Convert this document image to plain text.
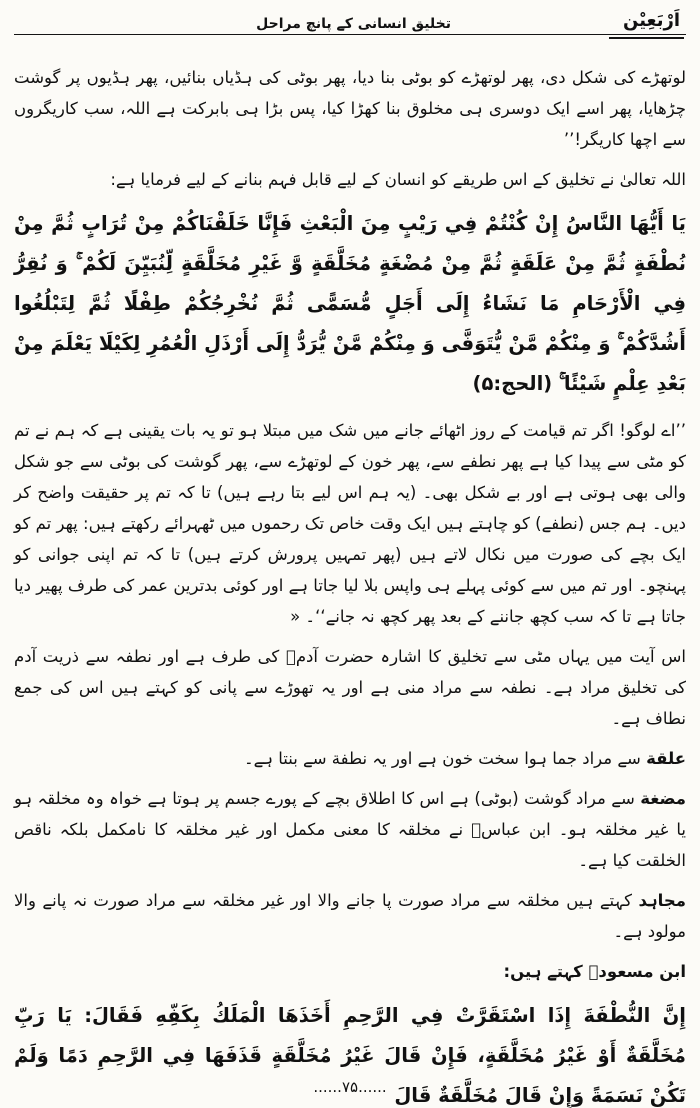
اَرْبَعِيْن
تخلیق انسانی کے پانچ مراحل

لوتھڑے کی شکل دی، پھر لوتھڑے کو بوٹی بنا دیا، پھر بوٹی کی ہڈیاں بنائیں، پھر ہڈیوں پر گوشت چڑھایا، پھر اسے ایک دوسری ہی مخلوق بنا کھڑا کیا، پس بڑا ہی بابرکت ہے اللہ، سب کاریگروں سے اچھا کاریگر!’’

اللہ تعالیٰ نے تخلیق کے اس طریقے کو انسان کے لیے قابل فہم بنانے کے لیے فرمایا ہے:

يَا أَيُّهَا النَّاسُ إِنْ كُنْتُمْ فِي رَيْبٍ مِنَ الْبَعْثِ فَإِنَّا خَلَقْنَاكُمْ مِنْ تُرَابٍ ثُمَّ مِنْ نُطْفَةٍ ثُمَّ مِنْ عَلَقَةٍ ثُمَّ مِنْ مُضْغَةٍ مُخَلَّقَةٍ وَّ غَيْرِ مُخَلَّقَةٍ لِّنُبَيِّنَ لَكُمْ ۚ وَ نُقِرُّ فِي الْأَرْحَامِ مَا نَشَاءُ إِلَى أَجَلٍ مُّسَمًّى ثُمَّ نُخْرِجُكُمْ طِفْلًا ثُمَّ لِتَبْلُغُوا أَشُدَّكُمْ ۚ وَ مِنْكُمْ مَّنْ يُّتَوَفَّى وَ مِنْكُمْ مَّنْ يُّرَدُّ إِلَى أَرْذَلِ الْعُمُرِ لِكَيْلَا يَعْلَمَ مِنْ بَعْدِ عِلْمٍ شَيْئًا ۚ (الحج:۵)

’’اے لوگو! اگر تم قیامت کے روز اٹھائے جانے میں شک میں مبتلا ہو تو یہ بات یقینی ہے کہ ہم نے تم کو مٹی سے پیدا کیا ہے پھر نطفے سے، پھر خون کے لوتھڑے سے، پھر گوشت کی بوٹی سے جو شکل والی بھی ہوتی ہے اور بے شکل بھی۔ (یہ ہم اس لیے بتا رہے ہیں) تا کہ تم پر حقیقت واضح کر دیں۔ ہم جس (نطفے) کو چاہتے ہیں ایک وقت خاص تک رحموں میں ٹھہرائے رکھتے ہیں: پھر تم کو ایک بچے کی صورت میں نکال لاتے ہیں (پھر تمہیں پرورش کرتے ہیں) تا کہ تم اپنی جوانی کو پہنچو۔ اور تم میں سے کوئی پہلے ہی واپس بلا لیا جاتا ہے اور کوئی بدترین عمر کی طرف پھیر دیا جاتا ہے تا کہ سب کچھ جاننے کے بعد پھر کچھ نہ جانے‘‘۔ «

اس آیت میں یہاں مٹی سے تخلیق کا اشارہ حضرت آدمؑ کی طرف ہے اور نطفہ سے ذریت آدم کی تخلیق مراد ہے۔ نطفہ سے مراد منی ہے اور یہ تھوڑے سے پانی کو کہتے ہیں اس کی جمع نطاف ہے۔

علقة سے مراد جما ہوا سخت خون ہے اور یہ نطفة سے بنتا ہے۔

مضغة سے مراد گوشت (بوٹی) ہے اس کا اطلاق بچے کے پورے جسم پر ہوتا ہے خواہ وہ مخلقہ ہو یا غیر مخلقہ ہو۔ ابن عباسؓ نے مخلقہ کا معنی مکمل اور غیر مخلقہ کا نامکمل بلکہ ناقص الخلقت کیا ہے۔

مجاہد کہتے ہیں مخلقہ سے مراد صورت پا جانے والا اور غیر مخلقہ سے مراد صورت نہ پانے والا مولود ہے۔

ابن مسعودؓ کہتے ہیں:

إِنَّ النُّطْفَةَ إِذَا اسْتَقَرَّتْ فِي الرَّحِمِ أَخَذَهَا الْمَلَكُ بِكَفِّهِ فَقَالَ: يَا رَبِّ مُخَلَّقَةٌ أَوْ غَيْرُ مُخَلَّقَةٍ، فَإِنْ قَالَ غَيْرُ مُخَلَّقَةٍ قَذَفَهَا فِي الرَّحِمِ دَمًا وَلَمْ تَكُنْ نَسَمَةً وَإِنْ قَالَ مُخَلَّقَةٌ قَالَ

......۷۵......
